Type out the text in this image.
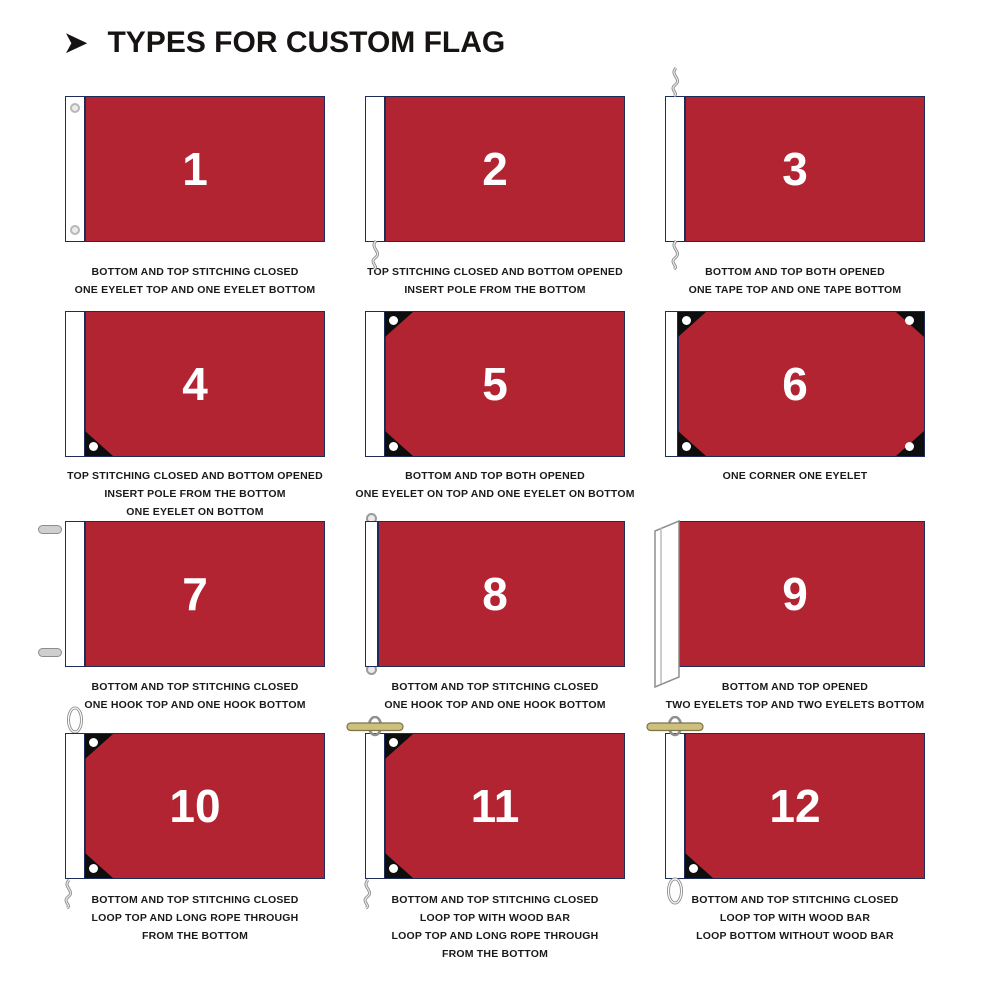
➤ TYPES FOR CUSTOM FLAG
1
BOTTOM AND TOP STITCHING CLOSED
ONE EYELET TOP AND ONE EYELET BOTTOM
2
TOP STITCHING CLOSED AND BOTTOM OPENED
INSERT POLE FROM THE BOTTOM
3
BOTTOM AND TOP BOTH OPENED
ONE TAPE TOP AND ONE TAPE BOTTOM
4
TOP STITCHING CLOSED AND BOTTOM OPENED
INSERT POLE FROM THE BOTTOM
ONE EYELET ON BOTTOM
5
BOTTOM AND TOP BOTH OPENED
ONE EYELET ON TOP AND ONE EYELET ON BOTTOM
6
ONE CORNER ONE EYELET
7
BOTTOM AND TOP STITCHING CLOSED
ONE HOOK TOP AND ONE HOOK BOTTOM
8
BOTTOM AND TOP STITCHING CLOSED
ONE HOOK TOP AND ONE HOOK BOTTOM
9
BOTTOM AND TOP OPENED
TWO EYELETS TOP AND TWO EYELETS BOTTOM
10
BOTTOM AND TOP STITCHING CLOSED
LOOP TOP AND LONG ROPE THROUGH
FROM THE BOTTOM
11
BOTTOM AND TOP STITCHING CLOSED
LOOP TOP WITH WOOD BAR
LOOP TOP AND LONG ROPE THROUGH
FROM THE BOTTOM
12
BOTTOM AND TOP STITCHING CLOSED
LOOP TOP WITH WOOD BAR
LOOP BOTTOM WITHOUT WOOD BAR
